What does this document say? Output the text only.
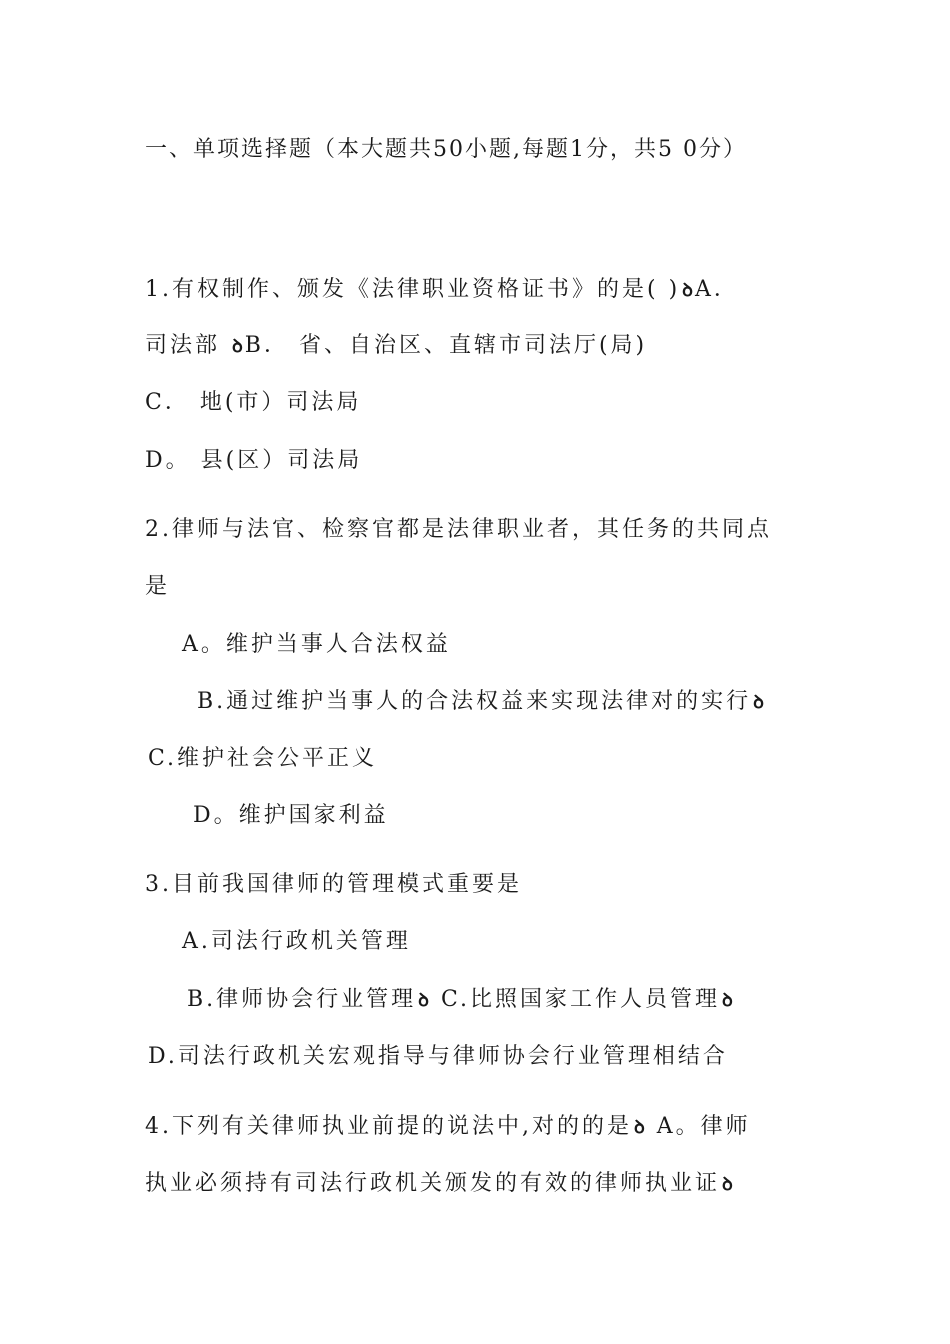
一、单项选择题（本大题共50小题,每题1分，共5 0分）
1.有权制作、颁发《法律职业资格证书》的是( ) ꝺA．
司法部 ꝺB． 省、自治区、直辖市司法厅(局)
C． 地(市）司法局
D。 县(区）司法局
2.律师与法官、检察官都是法律职业者，其任务的共同点
是
A。维护当事人合法权益
B.通过维护当事人的合法权益来实现法律对的实行 ꝺ
C.维护社会公平正义
D。维护国家利益
3.目前我国律师的管理模式重要是
A.司法行政机关管理
B.律师协会行业管理 ꝺ C.比照国家工作人员管理 ꝺ
D.司法行政机关宏观指导与律师协会行业管理相结合
4.下列有关律师执业前提的说法中,对的的是 ꝺ A。律师
执业必须持有司法行政机关颁发的有效的律师执业证 ꝺ
